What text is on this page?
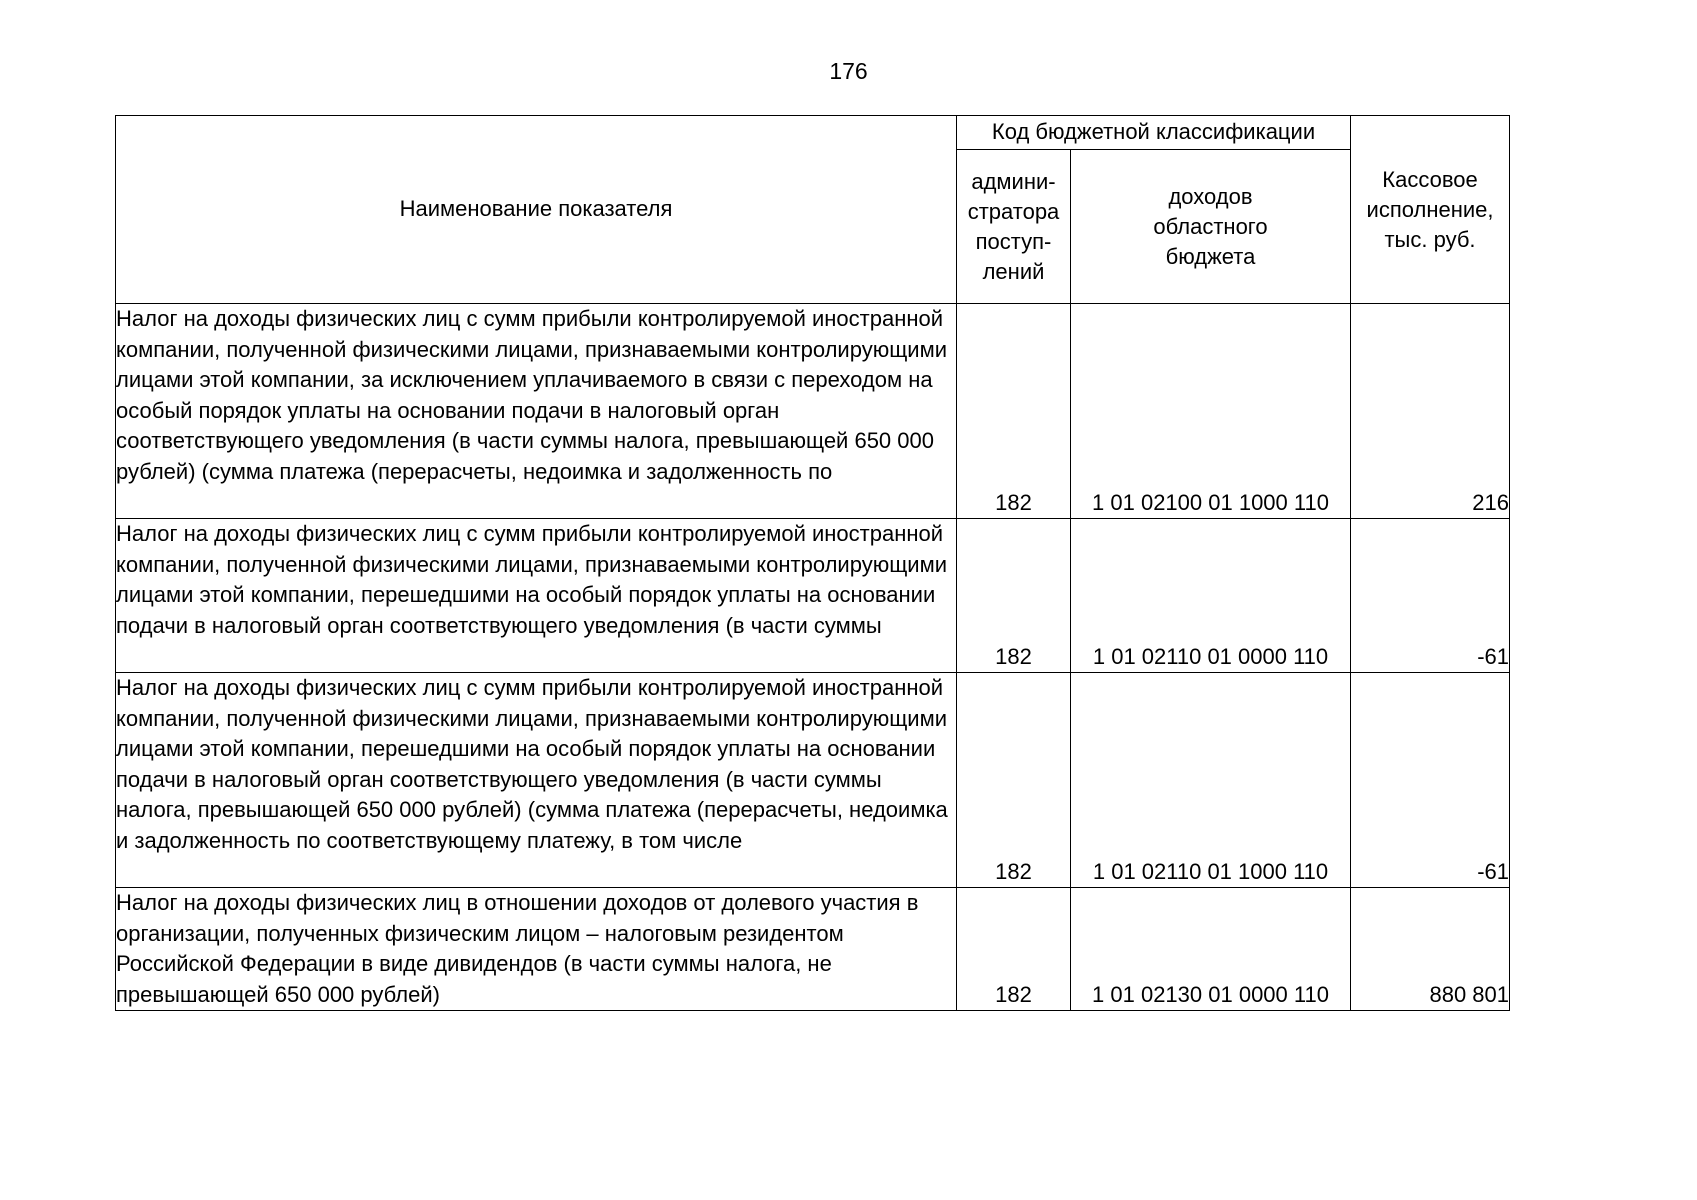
176
Наименование показателя	Код бюджетной классификации		Кассовое
исполнение,
тыс. руб.
	админи-
стратора
поступ-
лений	доходов
областного
бюджета	

Налог на доходы физических лиц с сумм прибыли контролируемой иностранной компании, полученной физическими лицами, признаваемыми контролирующими лицами этой компании, за исключением уплачиваемого в связи с переходом на особый порядок уплаты на основании подачи в налоговый орган соответствующего уведомления (в части суммы налога, превышающей 650 000 рублей) (сумма платежа (перерасчеты, недоимка и задолженность по	182	1 01 02100 01 1000 110	216

Налог на доходы физических лиц с сумм прибыли контролируемой иностранной компании, полученной физическими лицами, признаваемыми контролирующими лицами этой компании, перешедшими на особый порядок уплаты на основании подачи в налоговый орган соответствующего уведомления (в части суммы	182	1 01 02110 01 0000 110	-61

Налог на доходы физических лиц с сумм прибыли контролируемой иностранной компании, полученной физическими лицами, признаваемыми контролирующими лицами этой компании, перешедшими на особый порядок уплаты на основании подачи в налоговый орган соответствующего уведомления (в части суммы налога, превышающей 650 000 рублей) (сумма платежа (перерасчеты, недоимка и задолженность по соответствующему платежу, в том числе	182	1 01 02110 01 1000 110	-61

Налог на доходы физических лиц в отношении доходов от долевого участия в организации, полученных физическим лицом – налоговым резидентом Российской Федерации в виде дивидендов (в части суммы налога, не превышающей 650 000 рублей)	182	1 01 02130 01 0000 110	880 801
